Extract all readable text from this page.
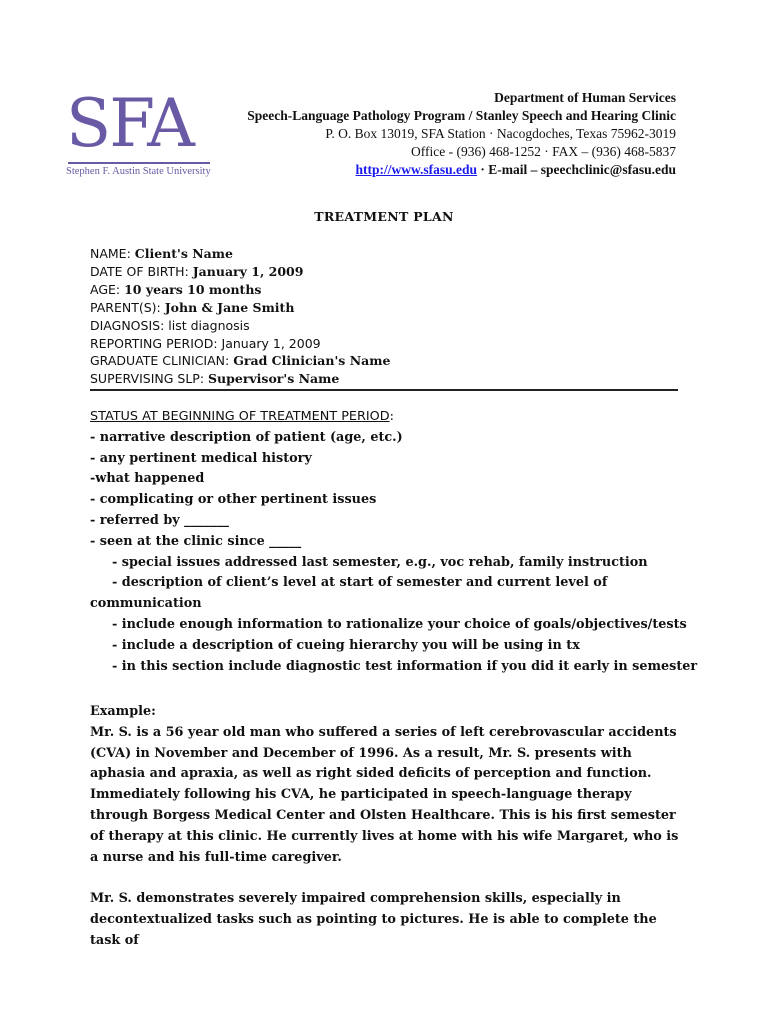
SFA
Stephen F. Austin State University
Department of Human Services
Speech-Language Pathology Program / Stanley Speech and Hearing Clinic
P. O. Box 13019, SFA Station · Nacogdoches, Texas 75962-3019
Office - (936) 468-1252 · FAX – (936) 468-5837
http://www.sfasu.edu · E-mail – speechclinic@sfasu.edu
TREATMENT PLAN
NAME: Client's Name
DATE OF BIRTH: January 1, 2009
AGE: 10 years 10 months
PARENT(S): John & Jane Smith
DIAGNOSIS: list diagnosis
REPORTING PERIOD: January 1, 2009
GRADUATE CLINICIAN: Grad Clinician's Name
SUPERVISING SLP: Supervisor's Name
STATUS AT BEGINNING OF TREATMENT PERIOD:
- narrative description of patient (age, etc.)
- any pertinent medical history
-what happened
- complicating or other pertinent issues
- referred by _______
- seen at the clinic since _____
- special issues addressed last semester, e.g., voc rehab, family instruction
- description of client’s level at start of semester and current level of
communication
- include enough information to rationalize your choice of goals/objectives/tests
- include a description of cueing hierarchy you will be using in tx
- in this section include diagnostic test information if you did it early in semester
Example:

Mr. S. is a 56 year old man who suffered a series of left cerebrovascular accidents (CVA) in November and December of 1996. As a result, Mr. S. presents with aphasia and apraxia, as well as right sided deficits of perception and function. Immediately following his CVA, he participated in speech-language therapy through Borgess Medical Center and Olsten Healthcare. This is his first semester of therapy at this clinic. He currently lives at home with his wife Margaret, who is a nurse and his full-time caregiver.

Mr. S. demonstrates severely impaired comprehension skills, especially in decontextualized tasks such as pointing to pictures. He is able to complete the task of
